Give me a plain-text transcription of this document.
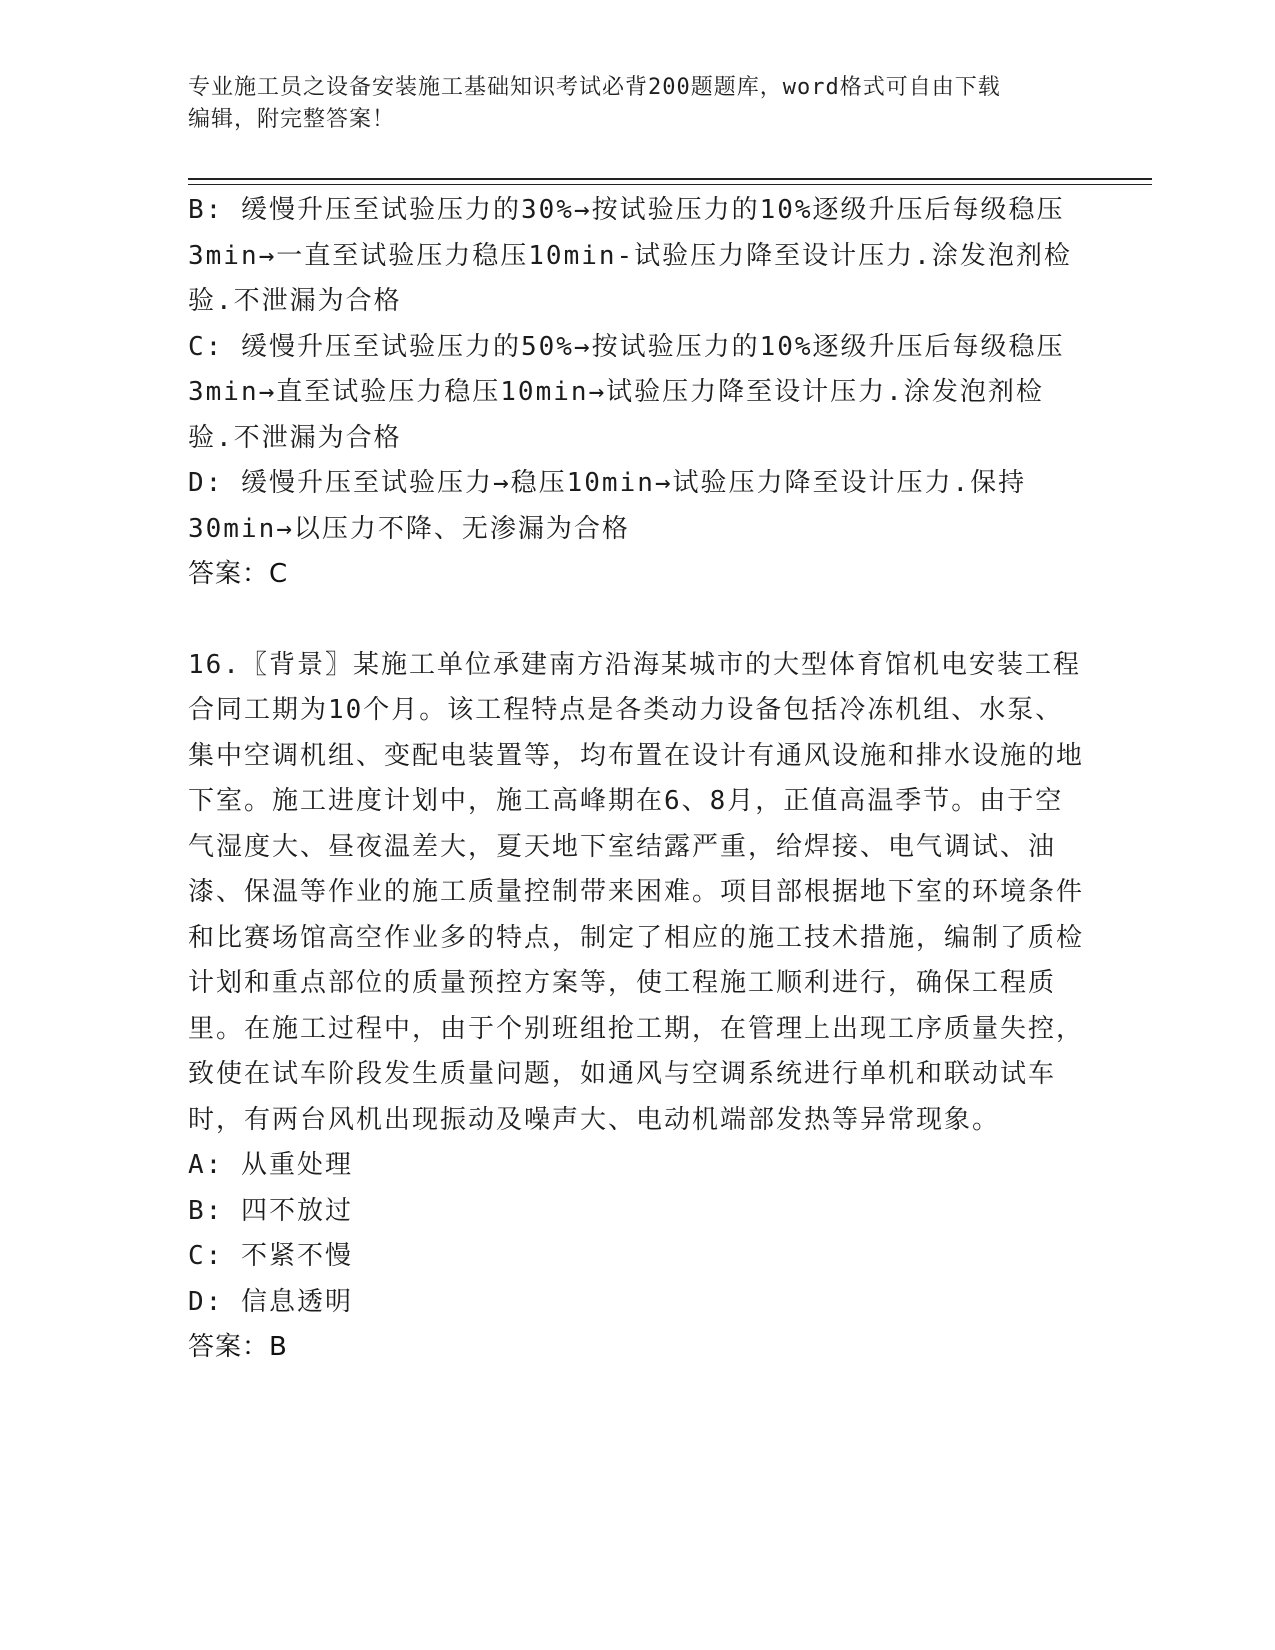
专业施工员之设备安装施工基础知识考试必背200题题库，word格式可自由下载
编辑，附完整答案！

B: 缓慢升压至试验压力的30%→按试验压力的10%逐级升压后每级稳压3min→一直至试验压力稳压10min-试验压力降至设计压力.涂发泡剂检验.不泄漏为合格

C: 缓慢升压至试验压力的50%→按试验压力的10%逐级升压后每级稳压3min→直至试验压力稳压10min→试验压力降至设计压力.涂发泡剂检验.不泄漏为合格

D: 缓慢升压至试验压力→稳压10min→试验压力降至设计压力.保持30min→以压力不降、无渗漏为合格

答案：C

16.〖背景〗某施工单位承建南方沿海某城市的大型体育馆机电安装工程合同工期为10个月。该工程特点是各类动力设备包括冷冻机组、水泵、集中空调机组、变配电装置等，均布置在设计有通风设施和排水设施的地下室。施工进度计划中，施工高峰期在6、8月，正值高温季节。由于空气湿度大、昼夜温差大，夏天地下室结露严重，给焊接、电气调试、油漆、保温等作业的施工质量控制带来困难。项目部根据地下室的环境条件和比赛场馆高空作业多的特点，制定了相应的施工技术措施，编制了质检计划和重点部位的质量预控方案等，使工程施工顺利进行，确保工程质里。在施工过程中，由于个别班组抢工期，在管理上出现工序质量失控，致使在试车阶段发生质量问题，如通风与空调系统进行单机和联动试车时，有两台风机出现振动及噪声大、电动机端部发热等异常现象。

A: 从重处理

B: 四不放过

C: 不紧不慢

D: 信息透明

答案：B
